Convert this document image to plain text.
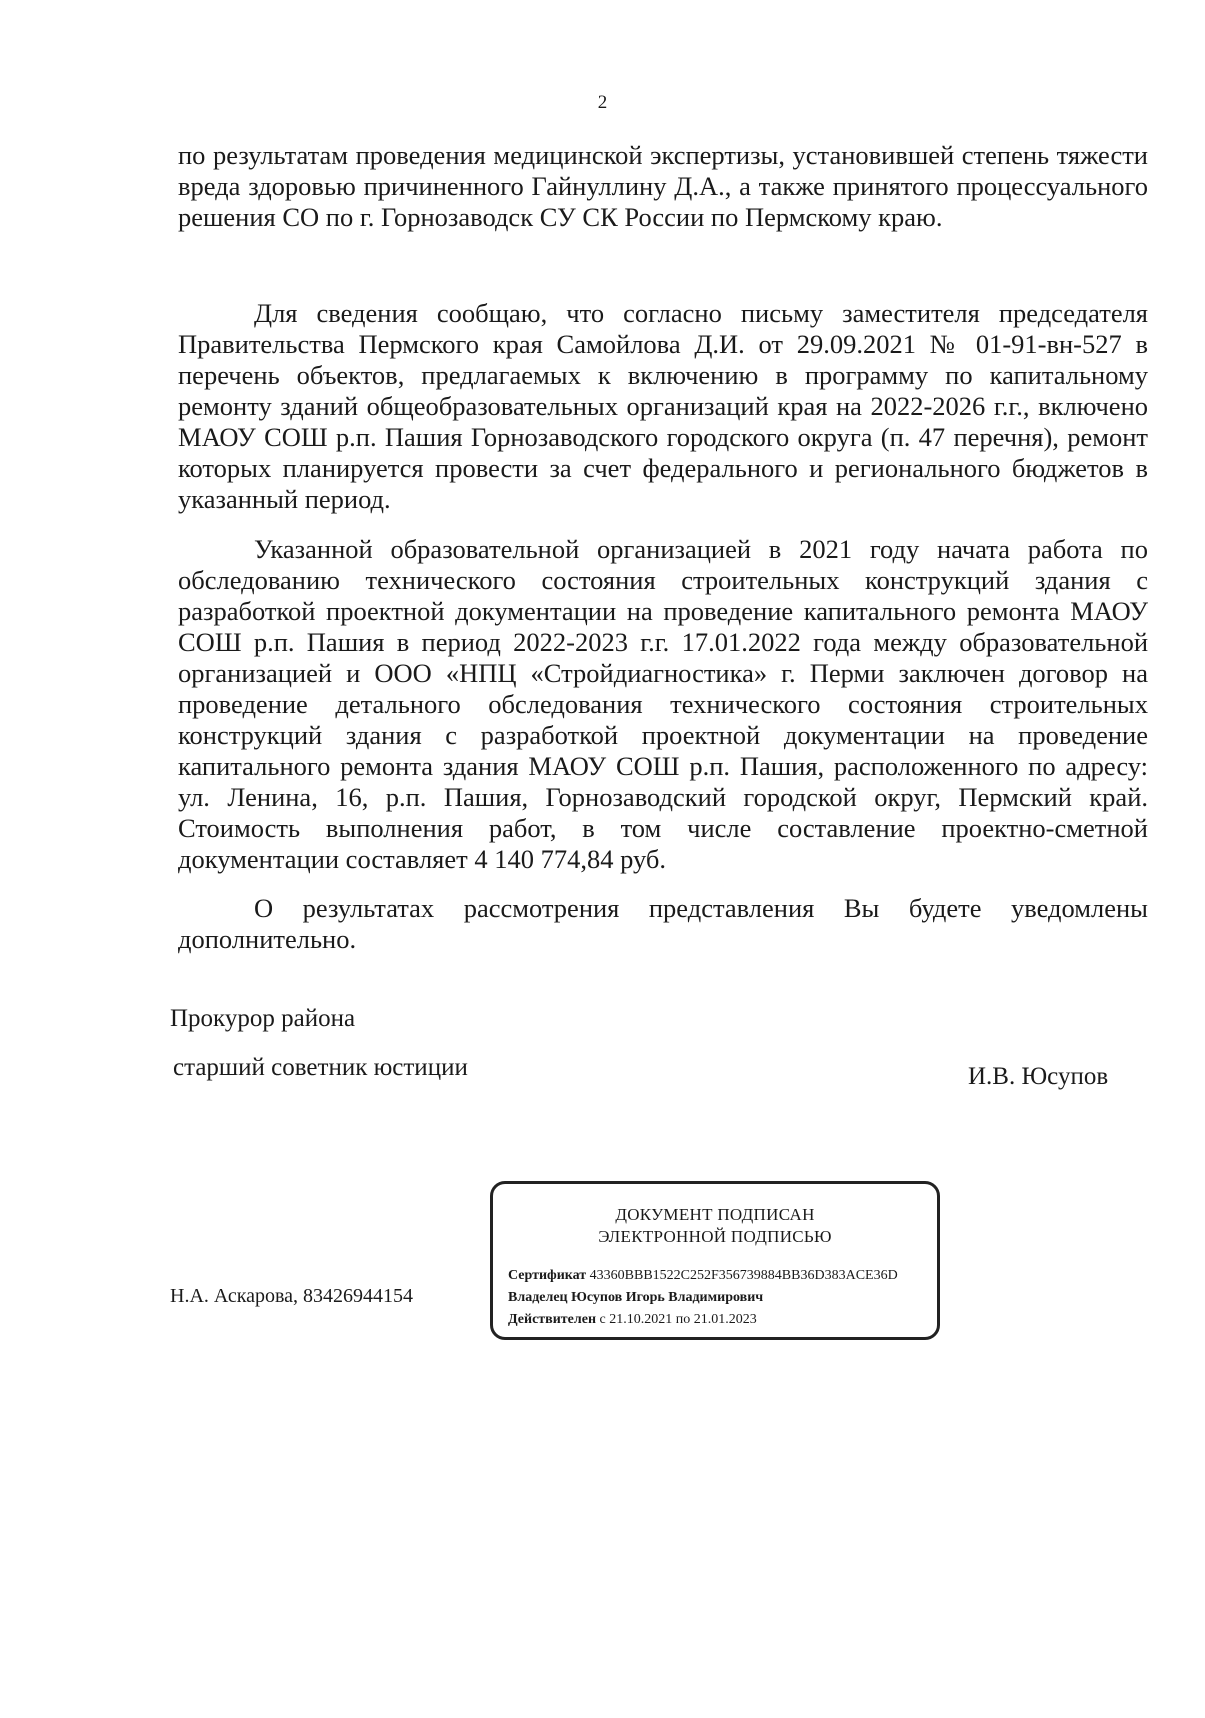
2

по результатам проведения медицинской экспертизы, установившей степень тяжести вреда здоровью причиненного Гайнуллину Д.А., а также принятого процессуального решения СО по г. Горнозаводск СУ СК России по Пермскому краю.

Для сведения сообщаю, что согласно письму заместителя председателя Правительства Пермского края Самойлова Д.И. от 29.09.2021 № 01-91-вн-527 в перечень объектов, предлагаемых к включению в программу по капитальному ремонту зданий общеобразовательных организаций края на 2022-2026 г.г., включено МАОУ СОШ р.п. Пашия Горнозаводского городского округа (п. 47 перечня), ремонт которых планируется провести за счет федерального и регионального бюджетов в указанный период.

Указанной образовательной организацией в 2021 году начата работа по обследованию технического состояния строительных конструкций здания с разработкой проектной документации на проведение капитального ремонта МАОУ СОШ р.п. Пашия в период 2022-2023 г.г. 17.01.2022 года между образовательной организацией и ООО «НПЦ «Стройдиагностика» г. Перми заключен договор на проведение детального обследования технического состояния строительных конструкций здания с разработкой проектной документации на проведение капитального ремонта здания МАОУ СОШ р.п. Пашия, расположенного по адресу: ул. Ленина, 16, р.п. Пашия, Горнозаводский городской округ, Пермский край. Стоимость выполнения работ, в том числе составление проектно-сметной документации составляет 4 140 774,84 руб.

О результатах рассмотрения представления Вы будете уведомлены дополнительно.

Прокурор района
старший советник юстиции	И.В. Юсупов
Н.А. Аскарова, 83426944154
ДОКУМЕНТ ПОДПИСАН
ЭЛЕКТРОННОЙ ПОДПИСЬЮ
Сертификат 43360BBB1522C252F356739884BB36D383ACE36D
Владелец Юсупов Игорь Владимирович
Действителен с 21.10.2021 по 21.01.2023
